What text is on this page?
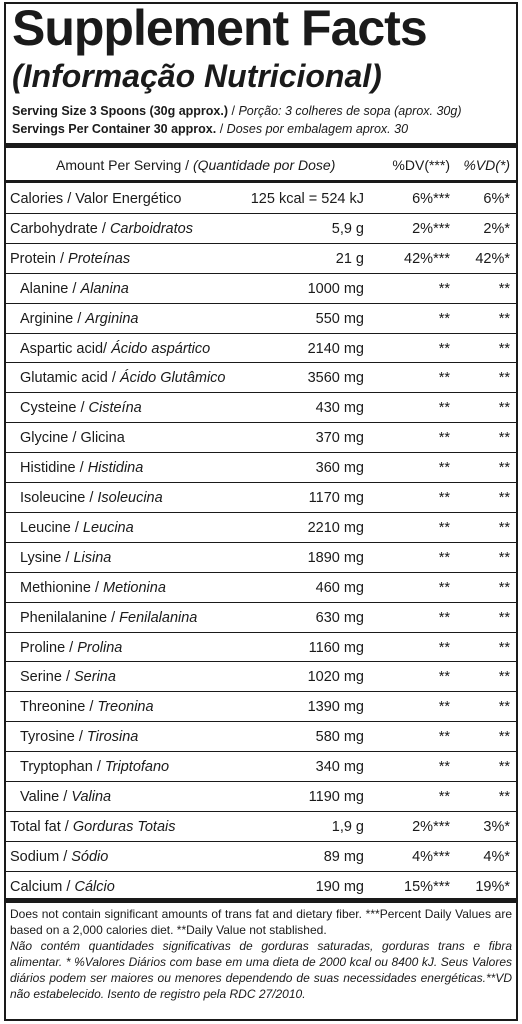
Supplement Facts
(Informação Nutricional)
Serving Size 3 Spoons (30g approx.) / Porção: 3 colheres de sopa (aprox. 30g)
Servings Per Container 30 approx. / Doses por embalagem aprox. 30
Amount Per Serving / (Quantidade por Dose)	%DV(***) %VD(*)
Calories / Valor Energético	125 kcal = 524 kJ	6%*** 6%*
Carbohydrate / Carboidratos	5,9 g	2%*** 2%*
Protein / Proteínas	21 g	42%*** 42%*
Alanine / Alanina	1000 mg	**	**
Arginine / Arginina	550 mg	**	**
Aspartic acid/ Ácido aspártico	2140 mg	**	**
Glutamic acid / Ácido Glutâmico	3560 mg	**	**
Cysteine / Cisteína	430 mg	**	**
Glycine / Glicina	370 mg	**	**
Histidine / Histidina	360 mg	**	**
Isoleucine / Isoleucina	1170 mg	**	**
Leucine / Leucina	2210 mg	**	**
Lysine / Lisina	1890 mg	**	**
Methionine / Metionina	460 mg	**	**
Phenilalanine / Fenilalanina	630 mg	**	**
Proline / Prolina	1160 mg	**	**
Serine / Serina	1020 mg	**	**
Threonine / Treonina	1390 mg	**	**
Tyrosine / Tirosina	580 mg	**	**
Tryptophan / Triptofano	340 mg	**	**
Valine / Valina	1190 mg	**	**
Total fat / Gorduras Totais	1,9 g	2%*** 3%*
Sodium / Sódio	89 mg	4%*** 4%*
Calcium / Cálcio	190 mg	15%*** 19%*

Does not contain significant amounts of trans fat and dietary fiber. ***Percent Daily Values are based on a 2,000 calories diet. **Daily Value not stablished.

Não contém quantidades significativas de gorduras saturadas, gorduras trans e fibra alimentar. * %Valores Diários com base em uma dieta de 2000 kcal ou 8400 kJ. Seus Valores diários podem ser maiores ou menores dependendo de suas necessidades energéticas.**VD não estabelecido. Isento de registro pela RDC 27/2010.
